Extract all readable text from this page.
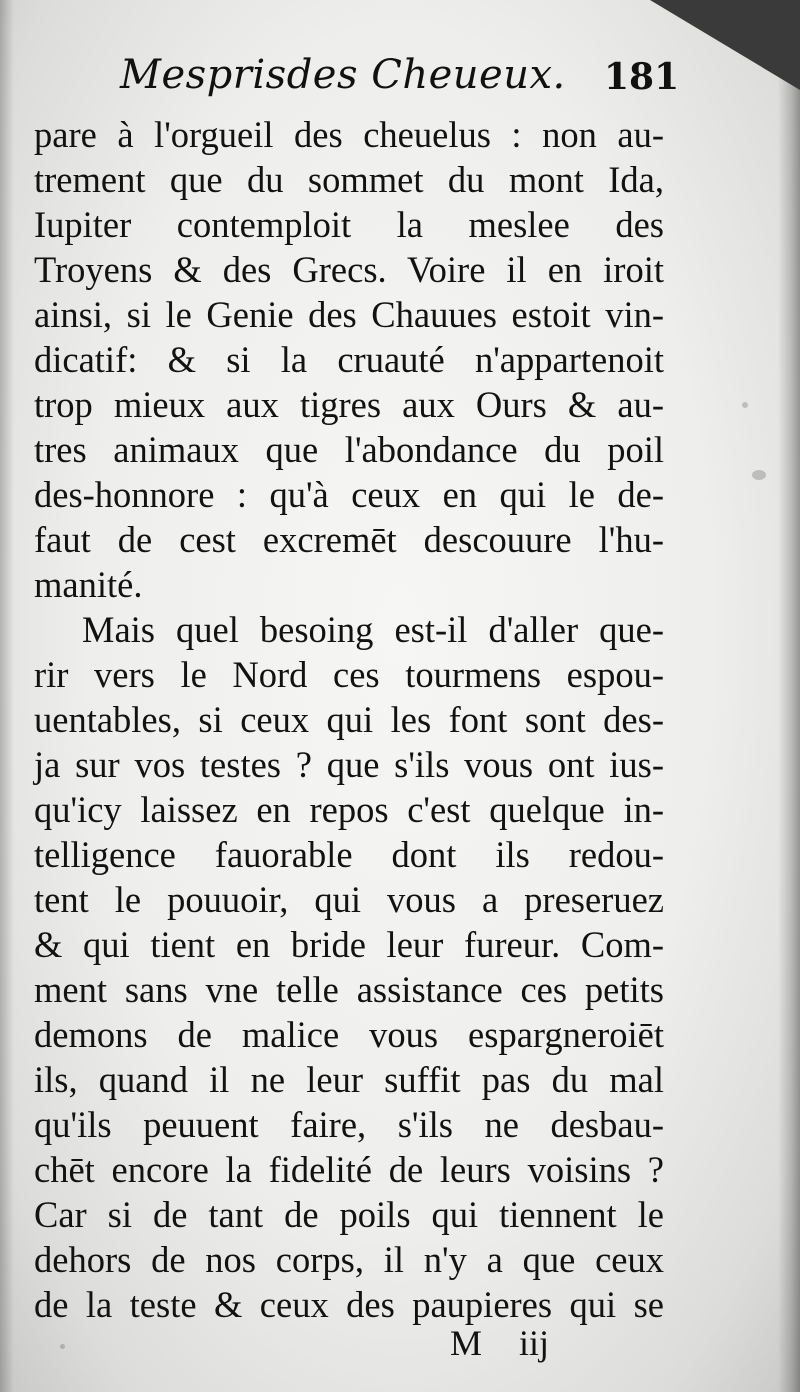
Mesprisdes Cheueux. 181
pare à l'orgueil des cheuelus : non au-
trement que du sommet du mont Ida,
Iupiter contemploit la meslee des
Troyens & des Grecs. Voire il en iroit
ainsi, si le Genie des Chauues estoit vin-
dicatif: & si la cruauté n'appartenoit
trop mieux aux tigres aux Ours & au-
tres animaux que l'abondance du poil
des-honnore : qu'à ceux en qui le de-
faut de cest excremēt descouure l'hu-
manité.
Mais quel besoing est-il d'aller que-
rir vers le Nord ces tourmens espou-
uentables, si ceux qui les font sont des-
ja sur vos testes ? que s'ils vous ont ius-
qu'icy laissez en repos c'est quelque in-
telligence fauorable dont ils redou-
tent le pouuoir, qui vous a preseruez
& qui tient en bride leur fureur. Com-
ment sans vne telle assistance ces petits
demons de malice vous espargneroiēt
ils, quand il ne leur suffit pas du mal
qu'ils peuuent faire, s'ils ne desbau-
chēt encore la fidelité de leurs voisins ?
Car si de tant de poils qui tiennent le
dehors de nos corps, il n'y a que ceux
de la teste & ceux des paupieres qui se
M iij
